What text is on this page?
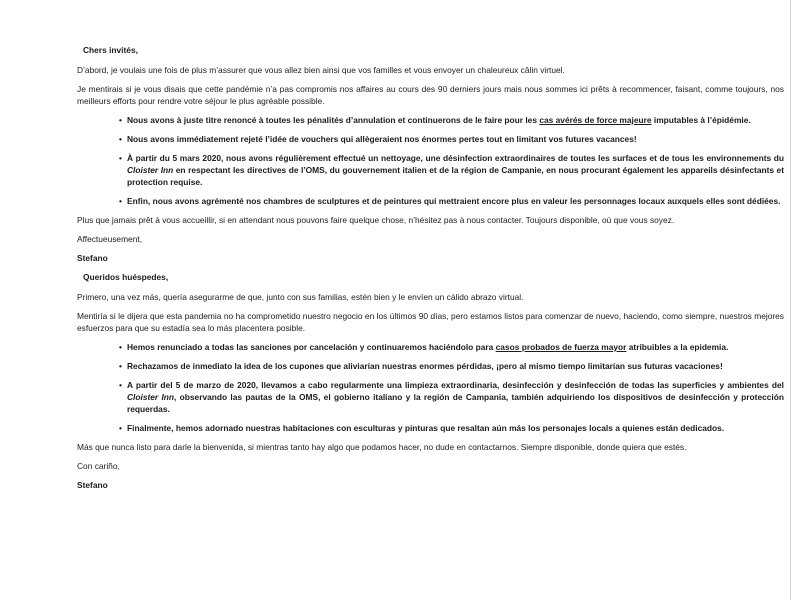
Chers invités,

D’abord, je voulais une fois de plus m’assurer que vous allez bien ainsi que vos familles et vous envoyer un chaleureux câlin virtuel.

Je mentirais si je vous disais que cette pandémie n’a pas compromis nos affaires au cours des 90 derniers jours mais nous sommes ici prêts à recommencer, faisant, comme toujours, nos meilleurs efforts pour rendre votre séjour le plus agréable possible.

• Nous avons à juste titre renoncé à toutes les pénalités d’annulation et continuerons de le faire pour les cas avérés de force majeure imputables à l’épidémie.
• Nous avons immédiatement rejeté l’idée de vouchers qui allègeraient nos énormes pertes tout en limitant vos futures vacances!
• À partir du 5 mars 2020, nous avons régulièrement effectué un nettoyage, une désinfection extraordinaires de toutes les surfaces et de tous les environnements du Cloister Inn en respectant les directives de l’OMS, du gouvernement italien et de la région de Campanie, en nous procurant également les appareils désinfectants et protection requise.
• Enfin, nous avons agrémenté nos chambres de sculptures et de peintures qui mettraient encore plus en valeur les personnages locaux auxquels elles sont dédiées.

Plus que jamais prêt à vous accueillir, si en attendant nous pouvons faire quelque chose, n’hésitez pas à nous contacter. Toujours disponible, où que vous soyez.

Affectueusement,

Stefano

Queridos huéspedes,

Primero, una vez más, quería asegurarme de que, junto con sus familias, estén bien y le envíen un cálido abrazo virtual.

Mentiría si le dijera que esta pandemia no ha comprometido nuestro negocio en los últimos 90 días, pero estamos listos para comenzar de nuevo, haciendo, como siempre, nuestros mejores esfuerzos para que su estadía sea lo más placentera posible.

• Hemos renunciado a todas las sanciones por cancelación y continuaremos haciéndolo para casos probados de fuerza mayor atribuibles a la epidemia.
• Rechazamos de inmediato la idea de los cupones que aliviarían nuestras enormes pérdidas, ¡pero al mismo tiempo limitarían sus futuras vacaciones!
• A partir del 5 de marzo de 2020, llevamos a cabo regularmente una limpieza extraordinaria, desinfección y desinfección de todas las superficies y ambientes del Cloister Inn, observando las pautas de la OMS, el gobierno italiano y la región de Campania, también adquiriendo los dispositivos de desinfección y protección requerdas.
• Finalmente, hemos adornado nuestras habitaciones con esculturas y pinturas que resaltan aún más los personajes locals a quienes están dedicados.

Más que nunca listo para darle la bienvenida, si mientras tanto hay algo que podamos hacer, no dude en contactarnos. Siempre disponible, donde quiera que estés.

Con cariño,

Stefano
